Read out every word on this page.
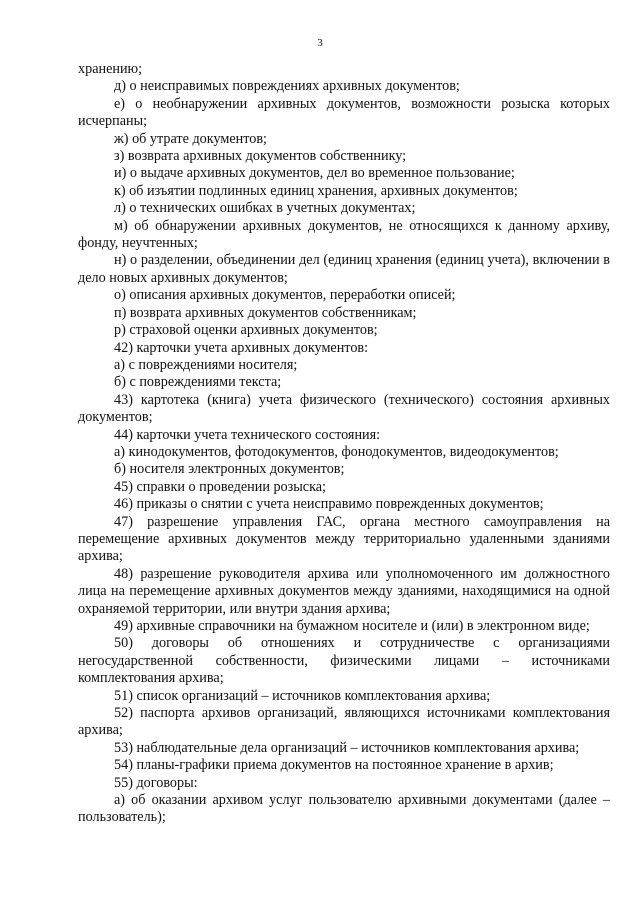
3

хранению;

д) о неисправимых повреждениях архивных документов;

е) о необнаружении архивных документов, возможности розыска которых исчерпаны;

ж) об утрате документов;

з) возврата архивных документов собственнику;

и) о выдаче архивных документов, дел во временное пользование;

к) об изъятии подлинных единиц хранения, архивных документов;

л) о технических ошибках в учетных документах;

м) об обнаружении архивных документов, не относящихся к данному архиву, фонду, неучтенных;

н) о разделении, объединении дел (единиц хранения (единиц учета), включении в дело новых архивных документов;

о) описания архивных документов, переработки описей;

п) возврата архивных документов собственникам;

р) страховой оценки архивных документов;

42) карточки учета архивных документов:

а) с повреждениями носителя;

б) с повреждениями текста;

43) картотека (книга) учета физического (технического) состояния архивных документов;

44) карточки учета технического состояния:

а) кинодокументов, фотодокументов, фонодокументов, видеодокументов;

б) носителя электронных документов;

45) справки о проведении розыска;

46) приказы о снятии с учета неисправимо поврежденных документов;

47) разрешение управления ГАС, органа местного самоуправления на перемещение архивных документов между территориально удаленными зданиями архива;

48) разрешение руководителя архива или уполномоченного им должностного лица на перемещение архивных документов между зданиями, находящимися на одной охраняемой территории, или внутри здания архива;

49) архивные справочники на бумажном носителе и (или) в электронном виде;

50) договоры об отношениях и сотрудничестве с организациями негосударственной собственности, физическими лицами – источниками комплектования архива;

51) список организаций – источников комплектования архива;

52) паспорта архивов организаций, являющихся источниками комплектования архива;

53) наблюдательные дела организаций – источников комплектования архива;

54) планы-графики приема документов на постоянное хранение в архив;

55) договоры:

а) об оказании архивом услуг пользователю архивными документами (далее – пользователь);
